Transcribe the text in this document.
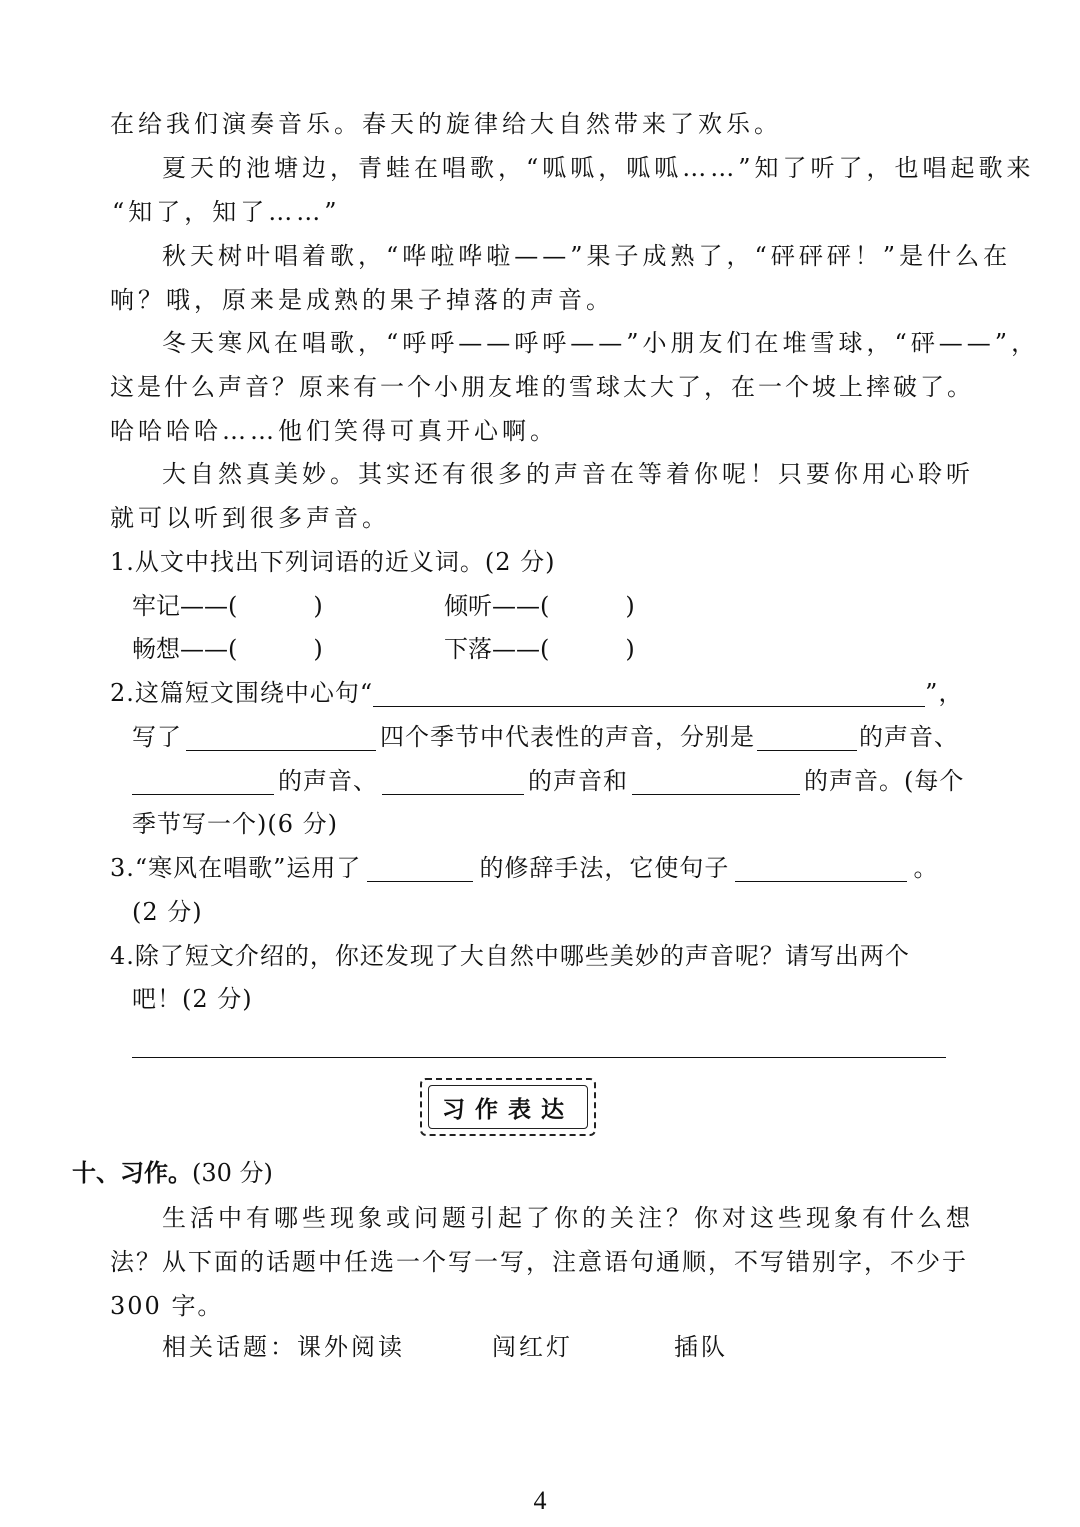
在给我们演奏音乐。春天的旋律给大自然带来了欢乐。
夏天的池塘边，青蛙在唱歌，“呱呱，呱呱……”知了听了，也唱起歌来
“知了，知了……”
秋天树叶唱着歌，“哗啦哗啦——”果子成熟了，“砰砰砰！”是什么在
响？哦，原来是成熟的果子掉落的声音。
冬天寒风在唱歌，“呼呼——呼呼——”小朋友们在堆雪球，“砰——”，
这是什么声音？原来有一个小朋友堆的雪球太大了，在一个坡上摔破了。
哈哈哈哈……他们笑得可真开心啊。
大自然真美妙。其实还有很多的声音在等着你呢！只要你用心聆听
就可以听到很多声音。
1.从文中找出下列词语的近义词。(2 分)
牢记——(	)	倾听——(	)
畅想——(	)	下落——(	)
2.这篇短文围绕中心句“	”，
写了	四个季节中代表性的声音，分别是	的声音、
的声音、	的声音和	的声音。(每个
季节写一个)(6 分)
3.“寒风在唱歌”运用了	的修辞手法，它使句子	。
(2 分)
4.除了短文介绍的，你还发现了大自然中哪些美妙的声音呢？请写出两个
吧！(2 分)
习作表达
十、习作。(30 分)
生活中有哪些现象或问题引起了你的关注？你对这些现象有什么想
法？从下面的话题中任选一个写一写，注意语句通顺，不写错别字，不少于
300 字。
相关话题：课外阅读	闯红灯	插队
4
